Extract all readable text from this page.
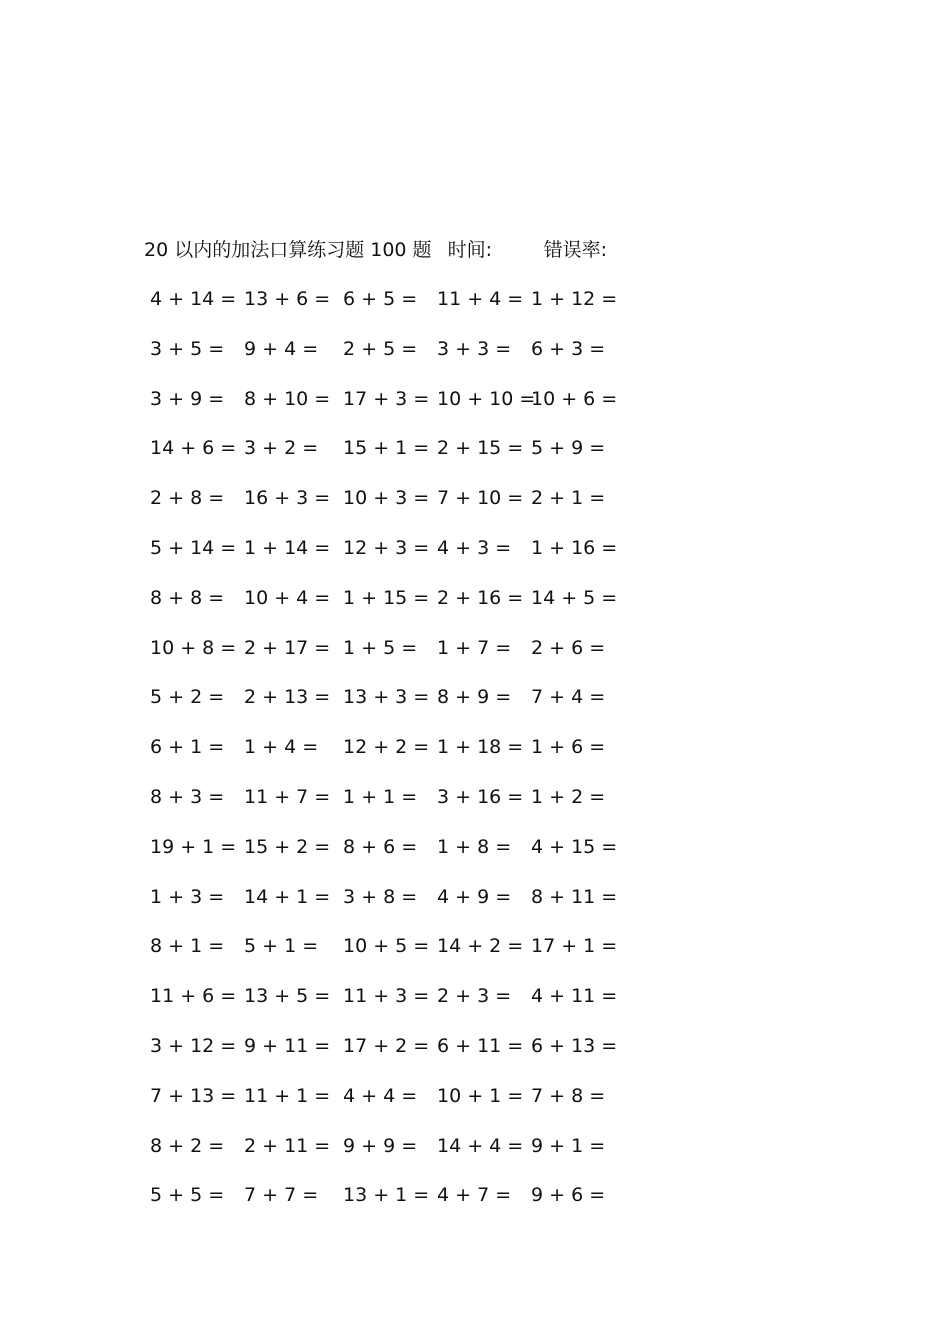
20 以内的加法口算练习题 100 题 时间:	错误率:
4 + 14 = 13 + 6 = 6 + 5 = 11 + 4 = 1 + 12 =
3 + 5 = 9 + 4 = 2 + 5 = 3 + 3 = 6 + 3 =
3 + 9 = 8 + 10 = 17 + 3 = 10 + 10 =
10 + 6 =
14 + 6 = 3 + 2 = 15 + 1 = 2 + 15 = 5 + 9 =
2 + 8 = 16 + 3 = 10 + 3 = 7 + 10 = 2 + 1 =
5 + 14 = 1 + 14 = 12 + 3 = 4 + 3 = 1 + 16 =
8 + 8 = 10 + 4 = 1 + 15 = 2 + 16 = 14 + 5 =
10 + 8 = 2 + 17 = 1 + 5 = 1 + 7 = 2 + 6 =
5 + 2 = 2 + 13 = 13 + 3 = 8 + 9 = 7 + 4 =
6 + 1 = 1 + 4 = 12 + 2 = 1 + 18 = 1 + 6 =
8 + 3 = 11 + 7 = 1 + 1 = 3 + 16 = 1 + 2 =
19 + 1 = 15 + 2 = 8 + 6 = 1 + 8 = 4 + 15 =
1 + 3 = 14 + 1 = 3 + 8 = 4 + 9 = 8 + 11 =
8 + 1 = 5 + 1 = 10 + 5 = 14 + 2 = 17 + 1 =
11 + 6 = 13 + 5 = 11 + 3 = 2 + 3 = 4 + 11 =
3 + 12 = 9 + 11 = 17 + 2 = 6 + 11 = 6 + 13 =
7 + 13 = 11 + 1 = 4 + 4 = 10 + 1 = 7 + 8 =
8 + 2 = 2 + 11 = 9 + 9 = 14 + 4 = 9 + 1 =
5 + 5 = 7 + 7 = 13 + 1 = 4 + 7 = 9 + 6 =
